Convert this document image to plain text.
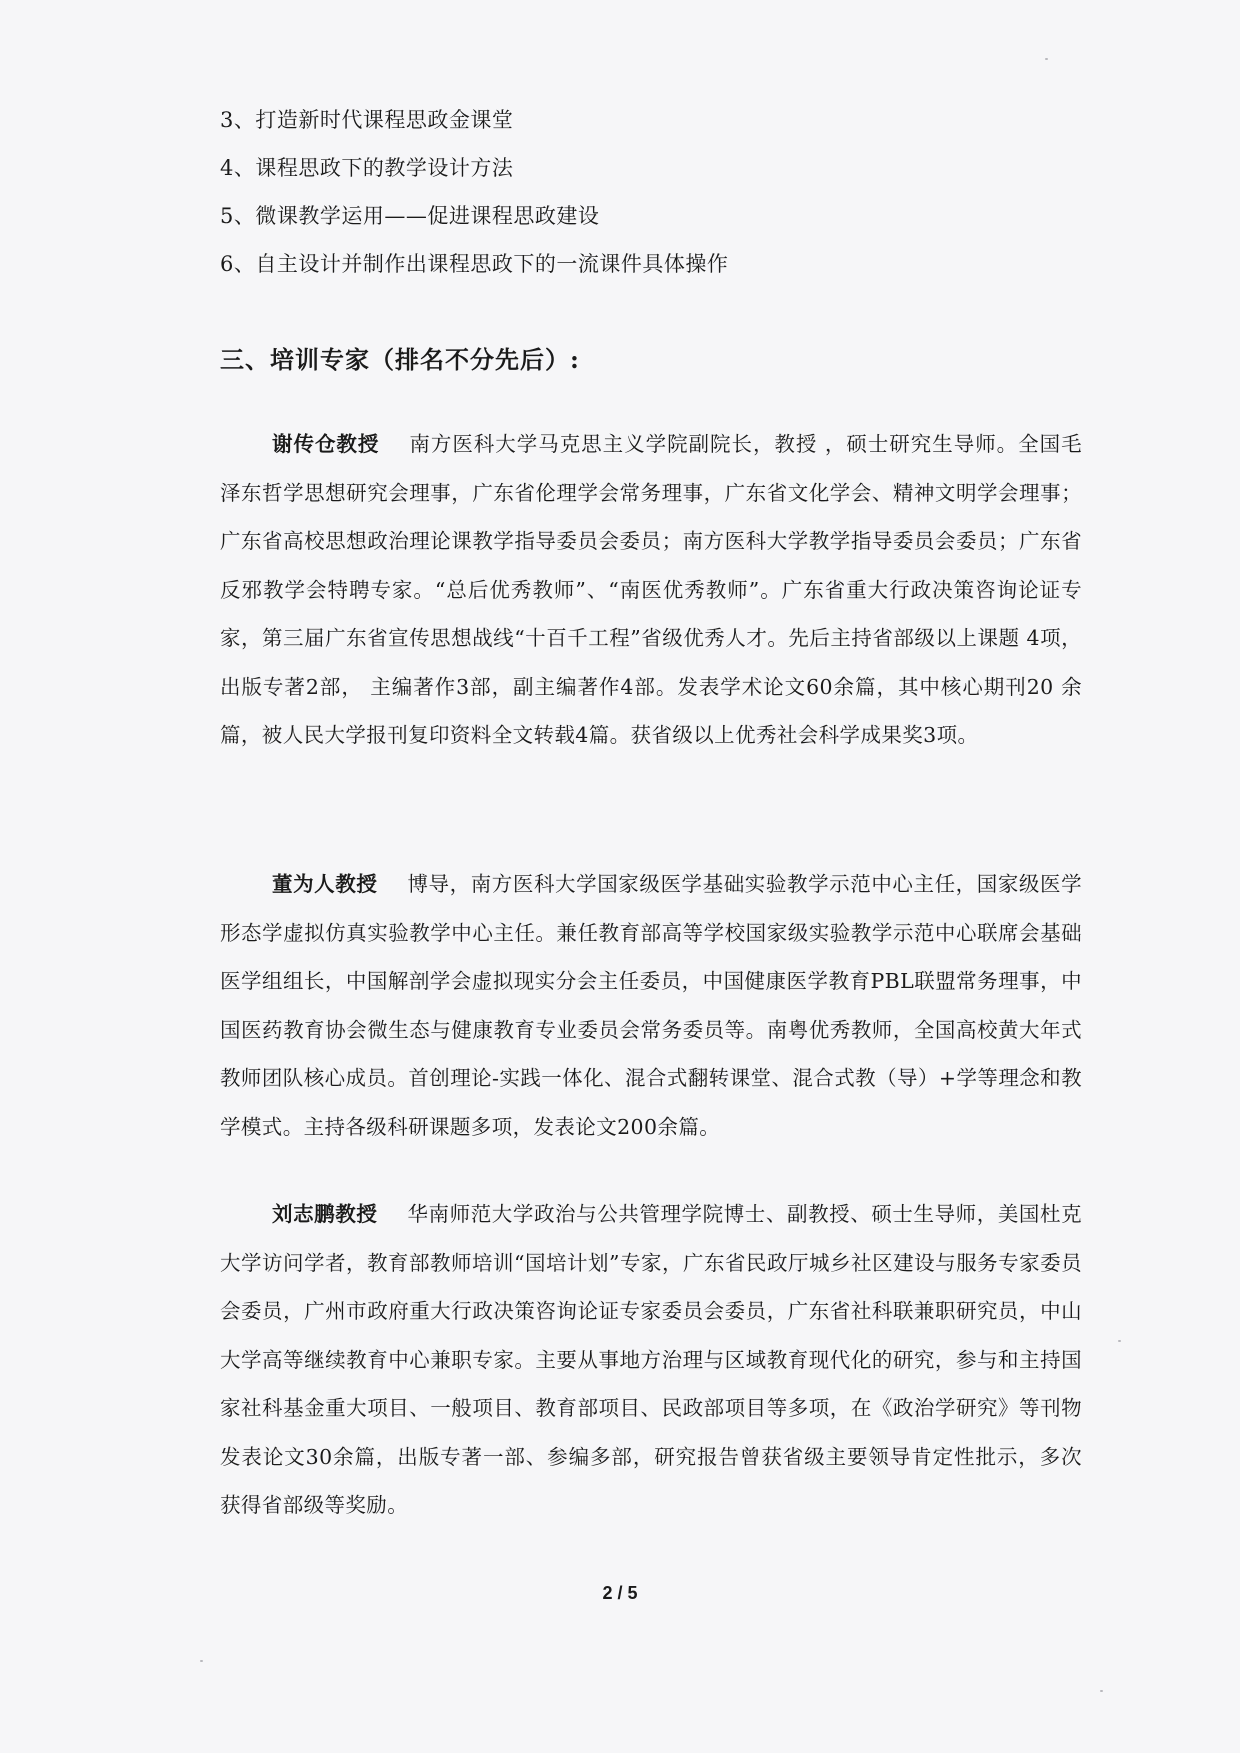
3、打造新时代课程思政金课堂
4、课程思政下的教学设计方法
5、微课教学运用——促进课程思政建设
6、自主设计并制作出课程思政下的一流课件具体操作
三、培训专家（排名不分先后）:

谢传仓教授 南方医科大学马克思主义学院副院长，教授 ，硕士研究生导师。全国毛泽东哲学思想研究会理事，广东省伦理学会常务理事，广东省文化学会、精神文明学会理事；广东省高校思想政治理论课教学指导委员会委员；南方医科大学教学指导委员会委员；广东省反邪教学会特聘专家。“总后优秀教师”、“南医优秀教师”。广东省重大行政决策咨询论证专家，第三届广东省宣传思想战线“十百千工程”省级优秀人才。先后主持省部级以上课题 4项，出版专著2部， 主编著作3部，副主编著作4部。发表学术论文60余篇，其中核心期刊20 余篇，被人民大学报刊复印资料全文转载4篇。获省级以上优秀社会科学成果奖3项。

董为人教授 博导，南方医科大学国家级医学基础实验教学示范中心主任，国家级医学形态学虚拟仿真实验教学中心主任。兼任教育部高等学校国家级实验教学示范中心联席会基础医学组组长，中国解剖学会虚拟现实分会主任委员，中国健康医学教育PBL联盟常务理事，中国医药教育协会微生态与健康教育专业委员会常务委员等。南粤优秀教师，全国高校黄大年式教师团队核心成员。首创理论-实践一体化、混合式翻转课堂、混合式教（导）+学等理念和教学模式。主持各级科研课题多项，发表论文200余篇。

刘志鹏教授 华南师范大学政治与公共管理学院博士、副教授、硕士生导师，美国杜克大学访问学者，教育部教师培训“国培计划”专家，广东省民政厅城乡社区建设与服务专家委员会委员，广州市政府重大行政决策咨询论证专家委员会委员，广东省社科联兼职研究员，中山大学高等继续教育中心兼职专家。主要从事地方治理与区域教育现代化的研究，参与和主持国家社科基金重大项目、一般项目、教育部项目、民政部项目等多项，在《政治学研究》等刊物发表论文30余篇，出版专著一部、参编多部，研究报告曾获省级主要领导肯定性批示，多次获得省部级等奖励。

2 / 5
